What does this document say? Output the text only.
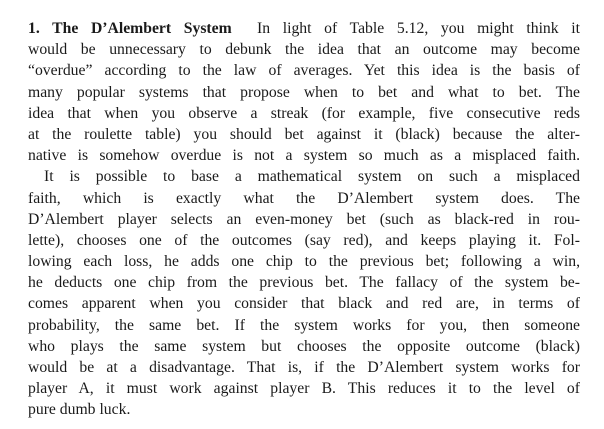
1. The D’Alembert System In light of Table 5.12, you might think it
would be unnecessary to debunk the idea that an outcome may become
“overdue” according to the law of averages. Yet this idea is the basis of
many popular systems that propose when to bet and what to bet. The
idea that when you observe a streak (for example, five consecutive reds
at the roulette table) you should bet against it (black) because the alter-
native is somehow overdue is not a system so much as a misplaced faith.
It is possible to base a mathematical system on such a misplaced
faith, which is exactly what the D’Alembert system does. The
D’Alembert player selects an even-money bet (such as black-red in rou-
lette), chooses one of the outcomes (say red), and keeps playing it. Fol-
lowing each loss, he adds one chip to the previous bet; following a win,
he deducts one chip from the previous bet. The fallacy of the system be-
comes apparent when you consider that black and red are, in terms of
probability, the same bet. If the system works for you, then someone
who plays the same system but chooses the opposite outcome (black)
would be at a disadvantage. That is, if the D’Alembert system works for
player A, it must work against player B. This reduces it to the level of
pure dumb luck.
